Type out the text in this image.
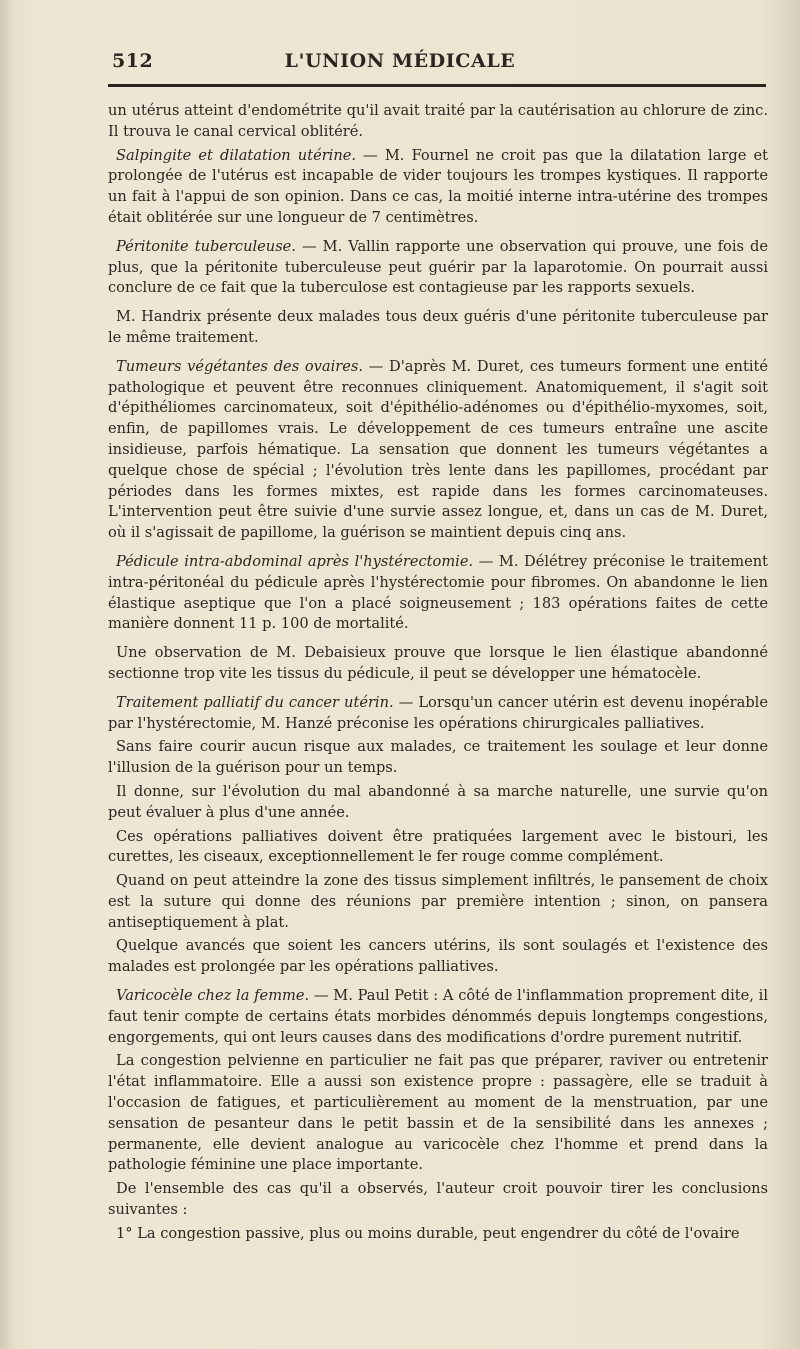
512	L'UNION MÉDICALE

un utérus atteint d'endométrite qu'il avait traité par la cautérisation au chlorure de zinc. Il trouva le canal cervical oblitéré.

Salpingite et dilatation utérine. — M. Fournel ne croit pas que la dilatation large et prolongée de l'utérus est incapable de vider toujours les trompes kystiques. Il rapporte un fait à l'appui de son opinion. Dans ce cas, la moitié interne intra-utérine des trompes était oblitérée sur une longueur de 7 centimètres.

Péritonite tuberculeuse. — M. Vallin rapporte une observation qui prouve, une fois de plus, que la péritonite tuberculeuse peut guérir par la laparotomie. On pourrait aussi conclure de ce fait que la tuberculose est contagieuse par les rapports sexuels.

M. Handrix présente deux malades tous deux guéris d'une péritonite tuberculeuse par le même traitement.

Tumeurs végétantes des ovaires. — D'après M. Duret, ces tumeurs forment une entité pathologique et peuvent être reconnues cliniquement. Anatomiquement, il s'agit soit d'épithéliomes carcinomateux, soit d'épithélio-adénomes ou d'épithélio-myxomes, soit, enfin, de papillomes vrais. Le développement de ces tumeurs entraîne une ascite insidieuse, parfois hématique. La sensation que donnent les tumeurs végétantes a quelque chose de spécial ; l'évolution très lente dans les papillomes, procédant par périodes dans les formes mixtes, est rapide dans les formes carcinomateuses. L'intervention peut être suivie d'une survie assez longue, et, dans un cas de M. Duret, où il s'agissait de papillome, la guérison se maintient depuis cinq ans.

Pédicule intra-abdominal après l'hystérectomie. — M. Délétrey préconise le traitement intra-péritonéal du pédicule après l'hystérectomie pour fibromes. On abandonne le lien élastique aseptique que l'on a placé soigneusement ; 183 opérations faites de cette manière donnent 11 p. 100 de mortalité.

Une observation de M. Debaisieux prouve que lorsque le lien élastique abandonné sectionne trop vite les tissus du pédicule, il peut se développer une hématocèle.

Traitement palliatif du cancer utérin. — Lorsqu'un cancer utérin est devenu inopérable par l'hystérectomie, M. Hanzé préconise les opérations chirurgicales palliatives.

Sans faire courir aucun risque aux malades, ce traitement les soulage et leur donne l'illusion de la guérison pour un temps.

Il donne, sur l'évolution du mal abandonné à sa marche naturelle, une survie qu'on peut évaluer à plus d'une année.

Ces opérations palliatives doivent être pratiquées largement avec le bistouri, les curettes, les ciseaux, exceptionnellement le fer rouge comme complément.

Quand on peut atteindre la zone des tissus simplement infiltrés, le pansement de choix est la suture qui donne des réunions par première intention ; sinon, on pansera antiseptiquement à plat.

Quelque avancés que soient les cancers utérins, ils sont soulagés et l'existence des malades est prolongée par les opérations palliatives.

Varicocèle chez la femme. — M. Paul Petit : A côté de l'inflammation proprement dite, il faut tenir compte de certains états morbides dénommés depuis longtemps congestions, engorgements, qui ont leurs causes dans des modifications d'ordre purement nutritif.

La congestion pelvienne en particulier ne fait pas que préparer, raviver ou entretenir l'état inflammatoire. Elle a aussi son existence propre : passagère, elle se traduit à l'occasion de fatigues, et particulièrement au moment de la menstruation, par une sensation de pesanteur dans le petit bassin et de la sensibilité dans les annexes ; permanente, elle devient analogue au varicocèle chez l'homme et prend dans la pathologie féminine une place importante.

De l'ensemble des cas qu'il a observés, l'auteur croit pouvoir tirer les conclusions suivantes :

1° La congestion passive, plus ou moins durable, peut engendrer du côté de l'ovaire
